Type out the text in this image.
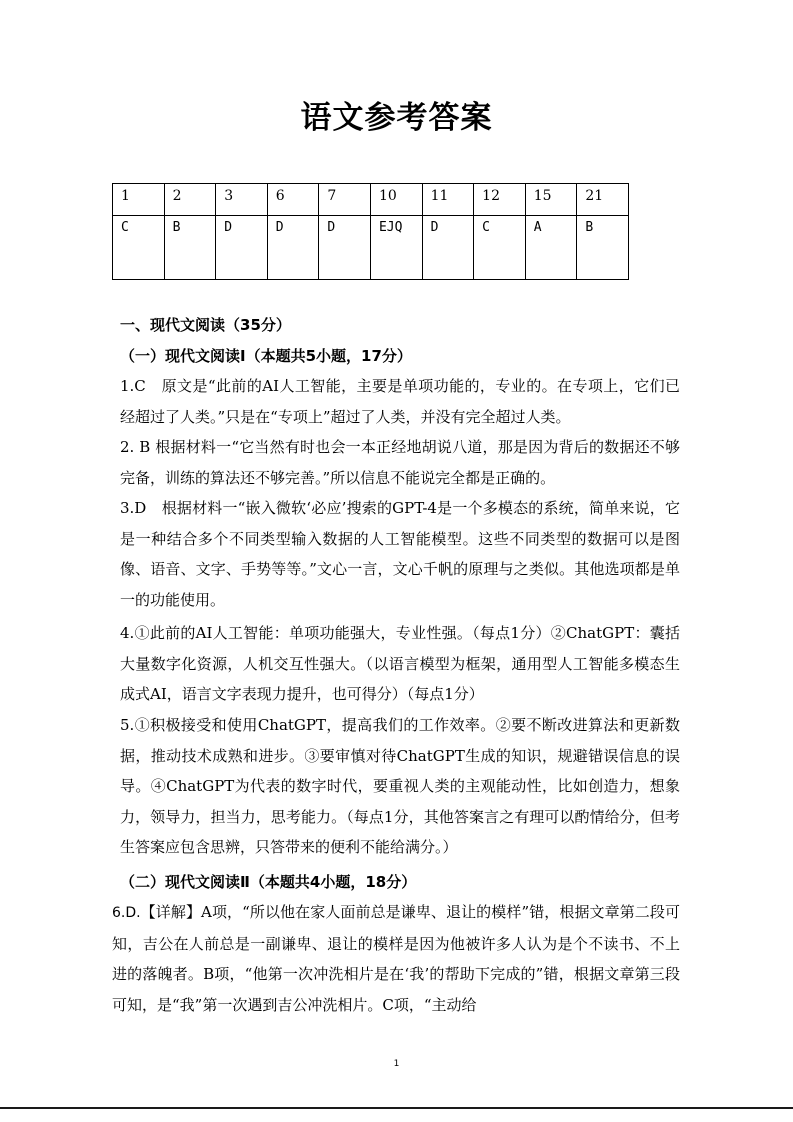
语文参考答案
1	2	3	6	7	10	11	12	15	21
C	B	D	D	D	EJQ	D	C	A	B
一、现代文阅读（35分）
（一）现代文阅读Ⅰ（本题共5小题，17分）
1.C　原文是“此前的AI人工智能，主要是单项功能的，专业的。在专项上，它们已经超过了人类。”只是在“专项上”超过了人类，并没有完全超过人类。
2. B 根据材料一“它当然有时也会一本正经地胡说八道，那是因为背后的数据还不够完备，训练的算法还不够完善。”所以信息不能说完全都是正确的。
3.D　根据材料一“嵌入微软‘必应’搜索的GPT-4是一个多模态的系统，简单来说，它是一种结合多个不同类型输入数据的人工智能模型。这些不同类型的数据可以是图像、语音、文字、手势等等。”文心一言，文心千帆的原理与之类似。其他选项都是单一的功能使用。
4.①此前的AI人工智能：单项功能强大，专业性强。（每点1分）②ChatGPT：囊括大量数字化资源，人机交互性强大。（以语言模型为框架，通用型人工智能多模态生成式AI，语言文字表现力提升，也可得分）（每点1分）
5.①积极接受和使用ChatGPT，提高我们的工作效率。②要不断改进算法和更新数据，推动技术成熟和进步。③要审慎对待ChatGPT生成的知识，规避错误信息的误导。④ChatGPT为代表的数字时代，要重视人类的主观能动性，比如创造力，想象力，领导力，担当力，思考能力。（每点1分，其他答案言之有理可以酌情给分，但考生答案应包含思辨，只答带来的便利不能给满分。）
（二）现代文阅读Ⅱ（本题共4小题，18分）
6.D.【详解】A项，“所以他在家人面前总是谦卑、退让的模样”错，根据文章第二段可知，吉公在人前总是一副谦卑、退让的模样是因为他被许多人认为是个不读书、不上进的落魄者。B项，“他第一次冲洗相片是在‘我’的帮助下完成的”错，根据文章第三段可知，是“我”第一次遇到吉公冲洗相片。C项，“主动给
1
